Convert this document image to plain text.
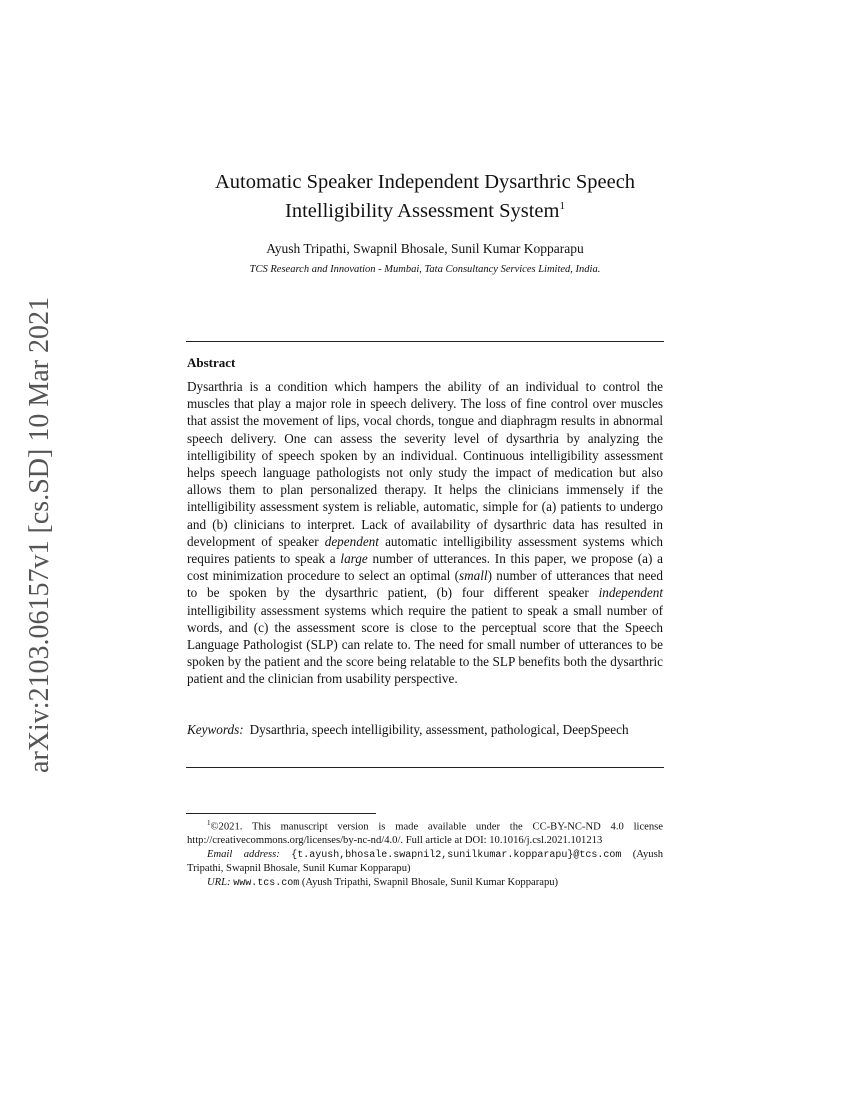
arXiv:2103.06157v1 [cs.SD] 10 Mar 2021
Automatic Speaker Independent Dysarthric Speech
Intelligibility Assessment System$^1$
Ayush Tripathi, Swapnil Bhosale, Sunil Kumar Kopparapu
TCS Research and Innovation - Mumbai, Tata Consultancy Services Limited, India.
Abstract
Dysarthria is a condition which hampers the ability of an individual to control the muscles that play a major role in speech delivery. The loss of fine control over muscles that assist the movement of lips, vocal chords, tongue and diaphragm results in abnormal speech delivery. One can assess the severity level of dysarthria by analyzing the intelligibility of speech spoken by an individual. Continuous intelligibility assessment helps speech language pathologists not only study the impact of medication but also allows them to plan personalized therapy. It helps the clinicians immensely if the intelligibility assessment system is reliable, automatic, simple for (a) patients to undergo and (b) clinicians to interpret. Lack of availability of dysarthric data has resulted in development of speaker dependent automatic intelligibility assessment systems which requires patients to speak a large number of utterances. In this paper, we propose (a) a cost minimization procedure to select an optimal (small) number of utterances that need to be spoken by the dysarthric patient, (b) four different speaker independent intelligibility assessment systems which require the patient to speak a small number of words, and (c) the assessment score is close to the perceptual score that the Speech Language Pathologist (SLP) can relate to. The need for small number of utterances to be spoken by the patient and the score being relatable to the SLP benefits both the dysarthric patient and the clinician from usability perspective.
Keywords: Dysarthria, speech intelligibility, assessment, pathological, DeepSpeech

$^1$©2021. This manuscript version is made available under the CC-BY-NC-ND 4.0 license http://creativecommons.org/licenses/by-nc-nd/4.0/. Full article at DOI: 10.1016/j.csl.2021.101213

Email address: {t.ayush,bhosale.swapnil2,sunilkumar.kopparapu}@tcs.com (Ayush Tripathi, Swapnil Bhosale, Sunil Kumar Kopparapu)

URL: www.tcs.com (Ayush Tripathi, Swapnil Bhosale, Sunil Kumar Kopparapu)
